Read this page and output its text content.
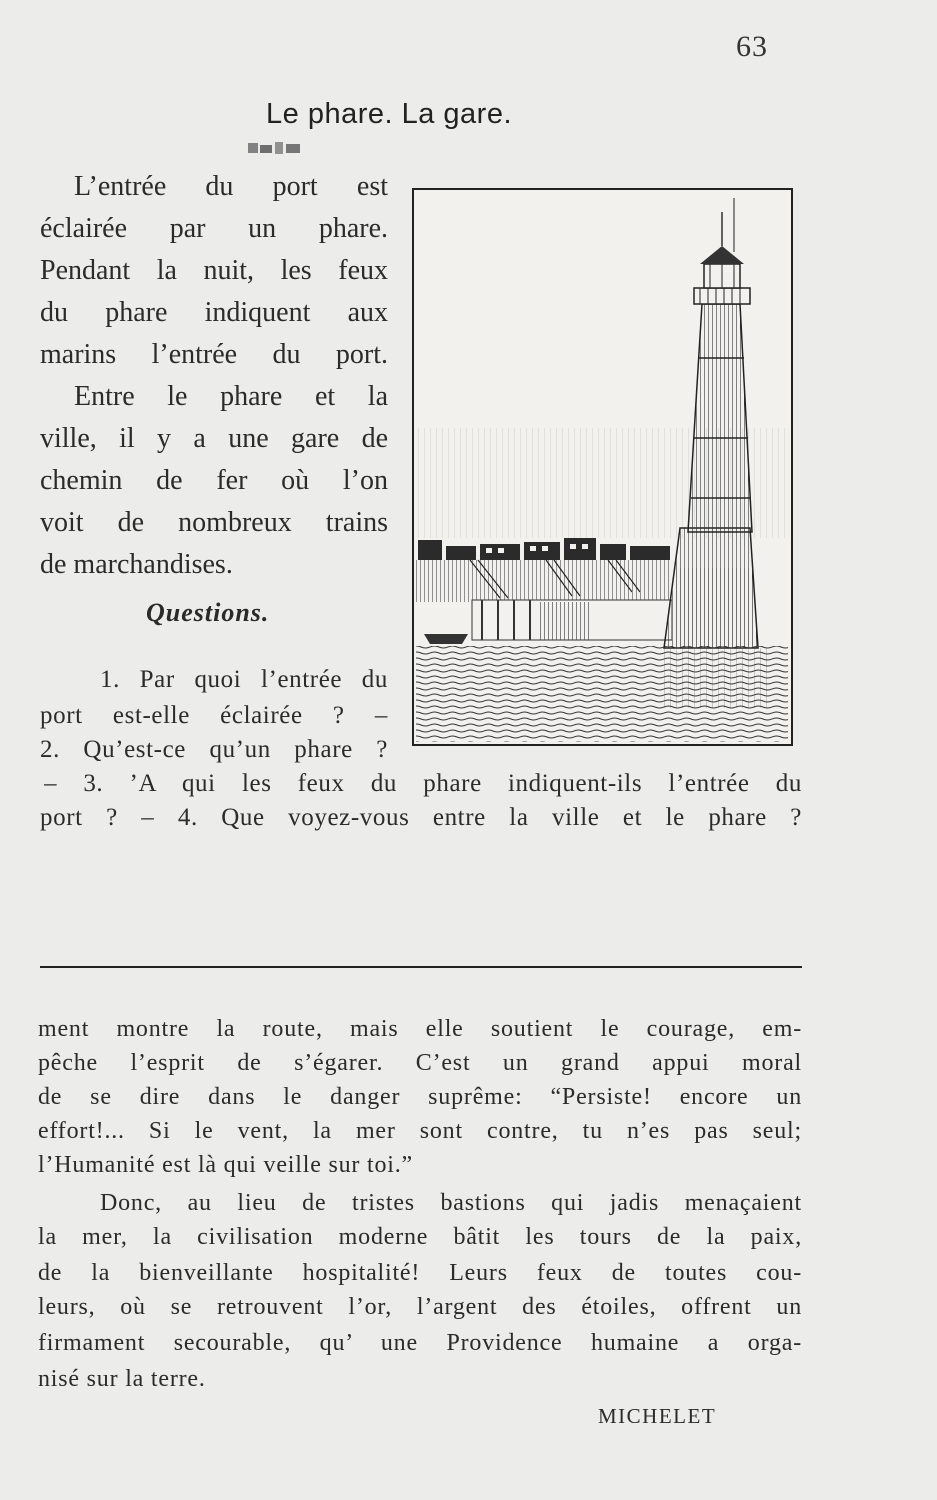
63
Le phare. La gare.
L’entrée du port est
éclairée par un phare.
Pendant la nuit, les feux
du phare indiquent aux
marins l’entrée du port.
Entre le phare et la
ville, il y a une gare de
chemin de fer où l’on
voit de nombreux trains
de marchandises.
Questions.
1. Par quoi l’entrée du
port est-elle éclairée ? –
2. Qu’est-ce qu’un phare ?
– 3. ’A qui les feux du phare indiquent-ils l’entrée du
port ? – 4. Que voyez-vous entre la ville et le phare ?
ment montre la route, mais elle soutient le courage, em-
pêche l’esprit de s’égarer. C’est un grand appui moral
de se dire dans le danger suprême: “Persiste! encore un
effort!... Si le vent, la mer sont contre, tu n’es pas seul;
l’Humanité est là qui veille sur toi.”
Donc, au lieu de tristes bastions qui jadis menaçaient
la mer, la civilisation moderne bâtit les tours de la paix,
de la bienveillante hospitalité! Leurs feux de toutes cou-
leurs, où se retrouvent l’or, l’argent des étoiles, offrent un
firmament secourable, qu’ une Providence humaine a orga-
nisé sur la terre.
MICHELET
